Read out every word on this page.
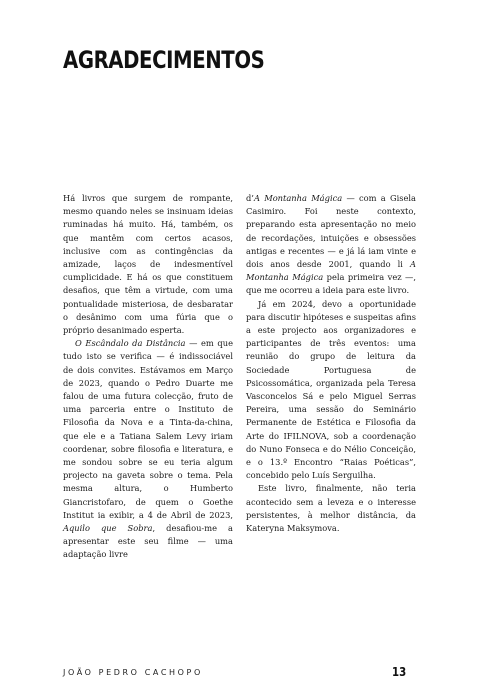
AGRADECIMENTOS

Há livros que surgem de rompante, mesmo quando neles se insinuam ideias ruminadas há muito. Há, também, os que mantêm com certos acasos, inclusive com as contingências da amizade, laços de indesmentível cumplicidade. E há os que constituem desafios, que têm a virtude, com uma pontualidade misteriosa, de desbaratar o desânimo com uma fúria que o próprio desanimado esperta.

O Escândalo da Distância — em que tudo isto se verifica — é indissociável de dois convites. Estávamos em Março de 2023, quando o Pedro Duarte me falou de uma futura colecção, fruto de uma parceria entre o Instituto de Filosofia da Nova e a Tinta-da-china, que ele e a Tatiana Salem Levy iriam coordenar, sobre filosofia e literatura, e me sondou sobre se eu teria algum projecto na gaveta sobre o tema. Pela mesma altura, o Humberto Giancristofaro, de quem o Goethe Institut ia exibir, a 4 de Abril de 2023, Aquilo que Sobra, desafiou-me a apresentar este seu filme — uma adaptação livre

d’A Montanha Mágica — com a Gisela Casimiro. Foi neste contexto, preparando esta apresentação no meio de recordações, intuições e obsessões antigas e recentes — e já lá iam vinte e dois anos desde 2001, quando li A Montanha Mágica pela primeira vez —, que me ocorreu a ideia para este livro.

Já em 2024, devo a oportunidade para discutir hipóteses e suspeitas afins a este projecto aos organizadores e participantes de três eventos: uma reunião do grupo de leitura da Sociedade Portuguesa de Psicossomática, organizada pela Teresa Vasconcelos Sá e pelo Miguel Serras Pereira, uma sessão do Seminário Permanente de Estética e Filosofia da Arte do IFILNOVA, sob a coordenação do Nuno Fonseca e do Nélio Conceição, e o 13.º Encontro “Raias Poéticas”, concebido pelo Luís Serguilha.

Este livro, finalmente, não teria acontecido sem a leveza e o interesse persistentes, à melhor distância, da Kateryna Maksymova.

JOÃO PEDRO CACHOPO	13
